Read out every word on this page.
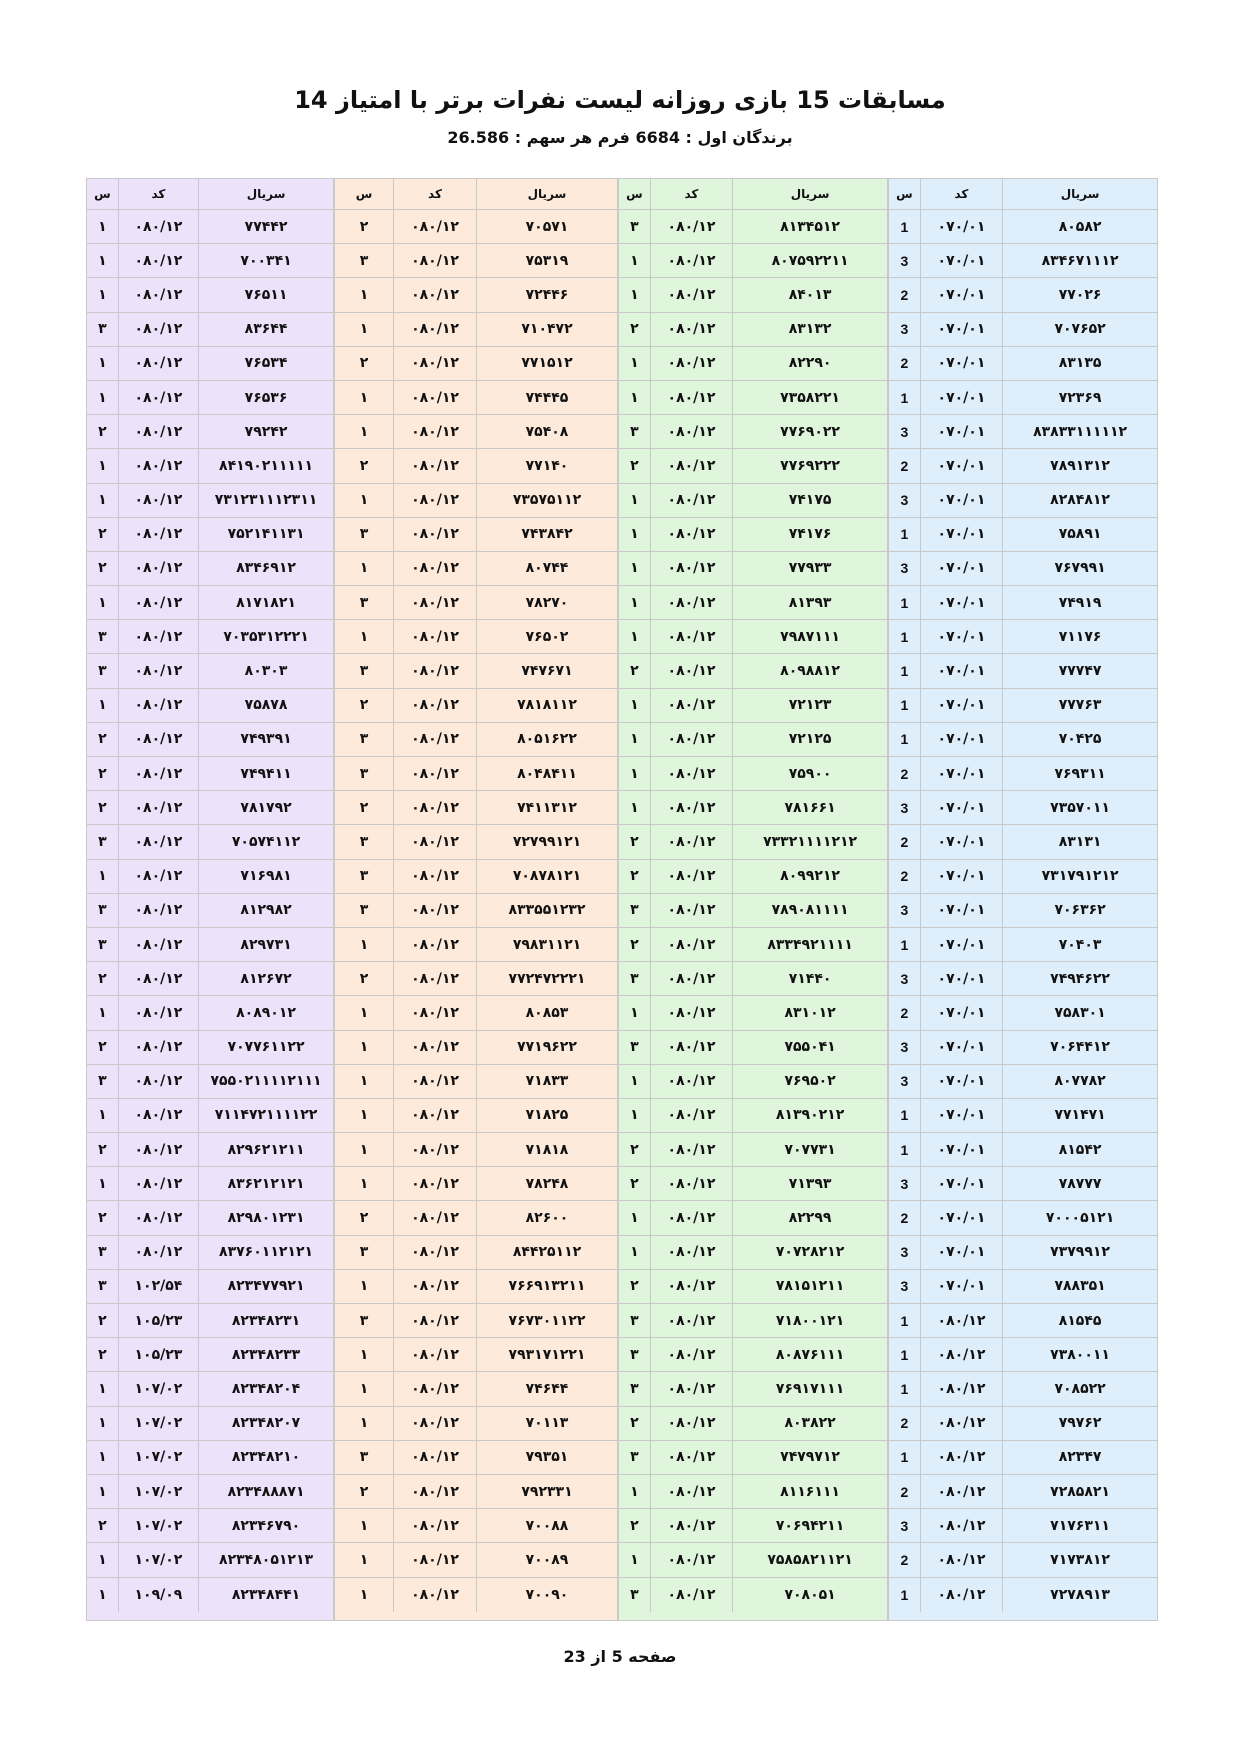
مسابقات 15 بازی روزانه لیست نفرات برتر با امتیاز 14
برندگان اول : 6684 فرم هر سهم : 26.586
سریال
کد
س
۸۰۵۸۲
۰۷۰/۰۱
1
۸۳۴۶۷۱۱۱۲
۰۷۰/۰۱
3
۷۷۰۲۶
۰۷۰/۰۱
2
۷۰۷۶۵۲
۰۷۰/۰۱
3
۸۳۱۳۵
۰۷۰/۰۱
2
۷۲۳۶۹
۰۷۰/۰۱
1
۸۳۸۳۳۱۱۱۱۱۲
۰۷۰/۰۱
3
۷۸۹۱۳۱۲
۰۷۰/۰۱
2
۸۲۸۴۸۱۲
۰۷۰/۰۱
3
۷۵۸۹۱
۰۷۰/۰۱
1
۷۶۷۹۹۱
۰۷۰/۰۱
3
۷۴۹۱۹
۰۷۰/۰۱
1
۷۱۱۷۶
۰۷۰/۰۱
1
۷۷۷۴۷
۰۷۰/۰۱
1
۷۷۷۶۳
۰۷۰/۰۱
1
۷۰۴۲۵
۰۷۰/۰۱
1
۷۶۹۳۱۱
۰۷۰/۰۱
2
۷۳۵۷۰۱۱
۰۷۰/۰۱
3
۸۳۱۳۱
۰۷۰/۰۱
2
۷۳۱۷۹۱۲۱۲
۰۷۰/۰۱
2
۷۰۶۳۶۲
۰۷۰/۰۱
3
۷۰۴۰۳
۰۷۰/۰۱
1
۷۴۹۴۶۲۲
۰۷۰/۰۱
3
۷۵۸۳۰۱
۰۷۰/۰۱
2
۷۰۶۴۴۱۲
۰۷۰/۰۱
3
۸۰۷۷۸۲
۰۷۰/۰۱
3
۷۷۱۴۷۱
۰۷۰/۰۱
1
۸۱۵۴۲
۰۷۰/۰۱
1
۷۸۷۷۷
۰۷۰/۰۱
3
۷۰۰۰۵۱۲۱
۰۷۰/۰۱
2
۷۳۷۹۹۱۲
۰۷۰/۰۱
3
۷۸۸۳۵۱
۰۷۰/۰۱
3
۸۱۵۴۵
۰۸۰/۱۲
1
۷۳۸۰۰۱۱
۰۸۰/۱۲
1
۷۰۸۵۲۲
۰۸۰/۱۲
1
۷۹۷۶۲
۰۸۰/۱۲
2
۸۲۳۴۷
۰۸۰/۱۲
1
۷۲۸۵۸۲۱
۰۸۰/۱۲
2
۷۱۷۶۳۱۱
۰۸۰/۱۲
3
۷۱۷۳۸۱۲
۰۸۰/۱۲
2
۷۲۷۸۹۱۳
۰۸۰/۱۲
1
سریال
کد
س
۸۱۳۴۵۱۲
۰۸۰/۱۲
۳
۸۰۷۵۹۲۲۱۱
۰۸۰/۱۲
۱
۸۴۰۱۳
۰۸۰/۱۲
۱
۸۳۱۳۲
۰۸۰/۱۲
۲
۸۲۲۹۰
۰۸۰/۱۲
۱
۷۳۵۸۲۲۱
۰۸۰/۱۲
۱
۷۷۶۹۰۲۲
۰۸۰/۱۲
۳
۷۷۶۹۲۲۲
۰۸۰/۱۲
۲
۷۴۱۷۵
۰۸۰/۱۲
۱
۷۴۱۷۶
۰۸۰/۱۲
۱
۷۷۹۳۳
۰۸۰/۱۲
۱
۸۱۳۹۳
۰۸۰/۱۲
۱
۷۹۸۷۱۱۱
۰۸۰/۱۲
۱
۸۰۹۸۸۱۲
۰۸۰/۱۲
۲
۷۲۱۲۳
۰۸۰/۱۲
۱
۷۲۱۲۵
۰۸۰/۱۲
۱
۷۵۹۰۰
۰۸۰/۱۲
۱
۷۸۱۶۶۱
۰۸۰/۱۲
۱
۷۳۳۲۱۱۱۱۲۱۲
۰۸۰/۱۲
۲
۸۰۹۹۲۱۲
۰۸۰/۱۲
۲
۷۸۹۰۸۱۱۱۱
۰۸۰/۱۲
۳
۸۳۳۴۹۲۱۱۱۱
۰۸۰/۱۲
۲
۷۱۴۴۰
۰۸۰/۱۲
۳
۸۳۱۰۱۲
۰۸۰/۱۲
۱
۷۵۵۰۴۱
۰۸۰/۱۲
۳
۷۶۹۵۰۲
۰۸۰/۱۲
۱
۸۱۳۹۰۲۱۲
۰۸۰/۱۲
۱
۷۰۷۷۳۱
۰۸۰/۱۲
۲
۷۱۳۹۳
۰۸۰/۱۲
۲
۸۲۲۹۹
۰۸۰/۱۲
۱
۷۰۷۲۸۲۱۲
۰۸۰/۱۲
۱
۷۸۱۵۱۲۱۱
۰۸۰/۱۲
۲
۷۱۸۰۰۱۲۱
۰۸۰/۱۲
۳
۸۰۸۷۶۱۱۱
۰۸۰/۱۲
۳
۷۶۹۱۷۱۱۱
۰۸۰/۱۲
۳
۸۰۳۸۲۲
۰۸۰/۱۲
۲
۷۴۷۹۷۱۲
۰۸۰/۱۲
۳
۸۱۱۶۱۱۱
۰۸۰/۱۲
۱
۷۰۶۹۴۲۱۱
۰۸۰/۱۲
۲
۷۵۸۵۸۲۱۱۲۱
۰۸۰/۱۲
۱
۷۰۸۰۵۱
۰۸۰/۱۲
۳
سریال
کد
س
۷۰۵۷۱
۰۸۰/۱۲
۲
۷۵۳۱۹
۰۸۰/۱۲
۳
۷۲۴۴۶
۰۸۰/۱۲
۱
۷۱۰۴۷۲
۰۸۰/۱۲
۱
۷۷۱۵۱۲
۰۸۰/۱۲
۲
۷۴۴۴۵
۰۸۰/۱۲
۱
۷۵۴۰۸
۰۸۰/۱۲
۱
۷۷۱۴۰
۰۸۰/۱۲
۲
۷۳۵۷۵۱۱۲
۰۸۰/۱۲
۱
۷۴۳۸۴۲
۰۸۰/۱۲
۳
۸۰۷۴۴
۰۸۰/۱۲
۱
۷۸۲۷۰
۰۸۰/۱۲
۳
۷۶۵۰۲
۰۸۰/۱۲
۱
۷۴۷۶۷۱
۰۸۰/۱۲
۳
۷۸۱۸۱۱۲
۰۸۰/۱۲
۲
۸۰۵۱۶۲۲
۰۸۰/۱۲
۳
۸۰۴۸۴۱۱
۰۸۰/۱۲
۳
۷۴۱۱۳۱۲
۰۸۰/۱۲
۲
۷۲۷۹۹۱۲۱
۰۸۰/۱۲
۳
۷۰۸۷۸۱۲۱
۰۸۰/۱۲
۳
۸۳۳۵۵۱۲۳۲
۰۸۰/۱۲
۳
۷۹۸۳۱۱۲۱
۰۸۰/۱۲
۱
۷۷۲۴۷۲۲۲۱
۰۸۰/۱۲
۲
۸۰۸۵۳
۰۸۰/۱۲
۱
۷۷۱۹۶۲۲
۰۸۰/۱۲
۱
۷۱۸۳۳
۰۸۰/۱۲
۱
۷۱۸۲۵
۰۸۰/۱۲
۱
۷۱۸۱۸
۰۸۰/۱۲
۱
۷۸۲۴۸
۰۸۰/۱۲
۱
۸۲۶۰۰
۰۸۰/۱۲
۲
۸۴۴۲۵۱۱۲
۰۸۰/۱۲
۳
۷۶۶۹۱۳۲۱۱
۰۸۰/۱۲
۱
۷۶۷۳۰۱۱۲۲
۰۸۰/۱۲
۳
۷۹۳۱۷۱۲۲۱
۰۸۰/۱۲
۱
۷۴۶۴۴
۰۸۰/۱۲
۱
۷۰۱۱۳
۰۸۰/۱۲
۱
۷۹۳۵۱
۰۸۰/۱۲
۳
۷۹۲۳۳۱
۰۸۰/۱۲
۲
۷۰۰۸۸
۰۸۰/۱۲
۱
۷۰۰۸۹
۰۸۰/۱۲
۱
۷۰۰۹۰
۰۸۰/۱۲
۱
سریال
کد
س
۷۷۴۴۲
۰۸۰/۱۲
۱
۷۰۰۳۴۱
۰۸۰/۱۲
۱
۷۶۵۱۱
۰۸۰/۱۲
۱
۸۳۶۴۴
۰۸۰/۱۲
۳
۷۶۵۳۴
۰۸۰/۱۲
۱
۷۶۵۳۶
۰۸۰/۱۲
۱
۷۹۲۴۲
۰۸۰/۱۲
۲
۸۴۱۹۰۲۱۱۱۱۱
۰۸۰/۱۲
۱
۷۳۱۲۳۱۱۱۲۳۱۱
۰۸۰/۱۲
۱
۷۵۲۱۴۱۱۳۱
۰۸۰/۱۲
۲
۸۳۴۶۹۱۲
۰۸۰/۱۲
۲
۸۱۷۱۸۲۱
۰۸۰/۱۲
۱
۷۰۳۵۳۱۲۲۲۱
۰۸۰/۱۲
۳
۸۰۳۰۳
۰۸۰/۱۲
۳
۷۵۸۷۸
۰۸۰/۱۲
۱
۷۴۹۳۹۱
۰۸۰/۱۲
۲
۷۴۹۴۱۱
۰۸۰/۱۲
۲
۷۸۱۷۹۲
۰۸۰/۱۲
۲
۷۰۵۷۴۱۱۲
۰۸۰/۱۲
۳
۷۱۶۹۸۱
۰۸۰/۱۲
۱
۸۱۲۹۸۲
۰۸۰/۱۲
۳
۸۲۹۷۳۱
۰۸۰/۱۲
۳
۸۱۲۶۷۲
۰۸۰/۱۲
۲
۸۰۸۹۰۱۲
۰۸۰/۱۲
۱
۷۰۷۷۶۱۱۲۲
۰۸۰/۱۲
۲
۷۵۵۰۲۱۱۱۱۲۱۱۱
۰۸۰/۱۲
۳
۷۱۱۴۷۲۱۱۱۱۲۲
۰۸۰/۱۲
۱
۸۲۹۶۲۱۲۱۱
۰۸۰/۱۲
۲
۸۳۶۲۱۲۱۲۱
۰۸۰/۱۲
۱
۸۲۹۸۰۱۲۳۱
۰۸۰/۱۲
۲
۸۳۷۶۰۱۱۲۱۲۱
۰۸۰/۱۲
۳
۸۲۳۴۷۷۹۲۱
۱۰۲/۵۴
۳
۸۲۳۴۸۲۳۱
۱۰۵/۲۳
۲
۸۲۳۴۸۲۳۳
۱۰۵/۲۳
۲
۸۲۳۴۸۲۰۴
۱۰۷/۰۲
۱
۸۲۳۴۸۲۰۷
۱۰۷/۰۲
۱
۸۲۳۴۸۲۱۰
۱۰۷/۰۲
۱
۸۲۳۴۸۸۸۷۱
۱۰۷/۰۲
۱
۸۲۳۴۶۷۹۰
۱۰۷/۰۲
۲
۸۲۳۴۸۰۵۱۲۱۳
۱۰۷/۰۲
۱
۸۲۳۴۸۴۴۱
۱۰۹/۰۹
۱
صفحه 5 از 23
